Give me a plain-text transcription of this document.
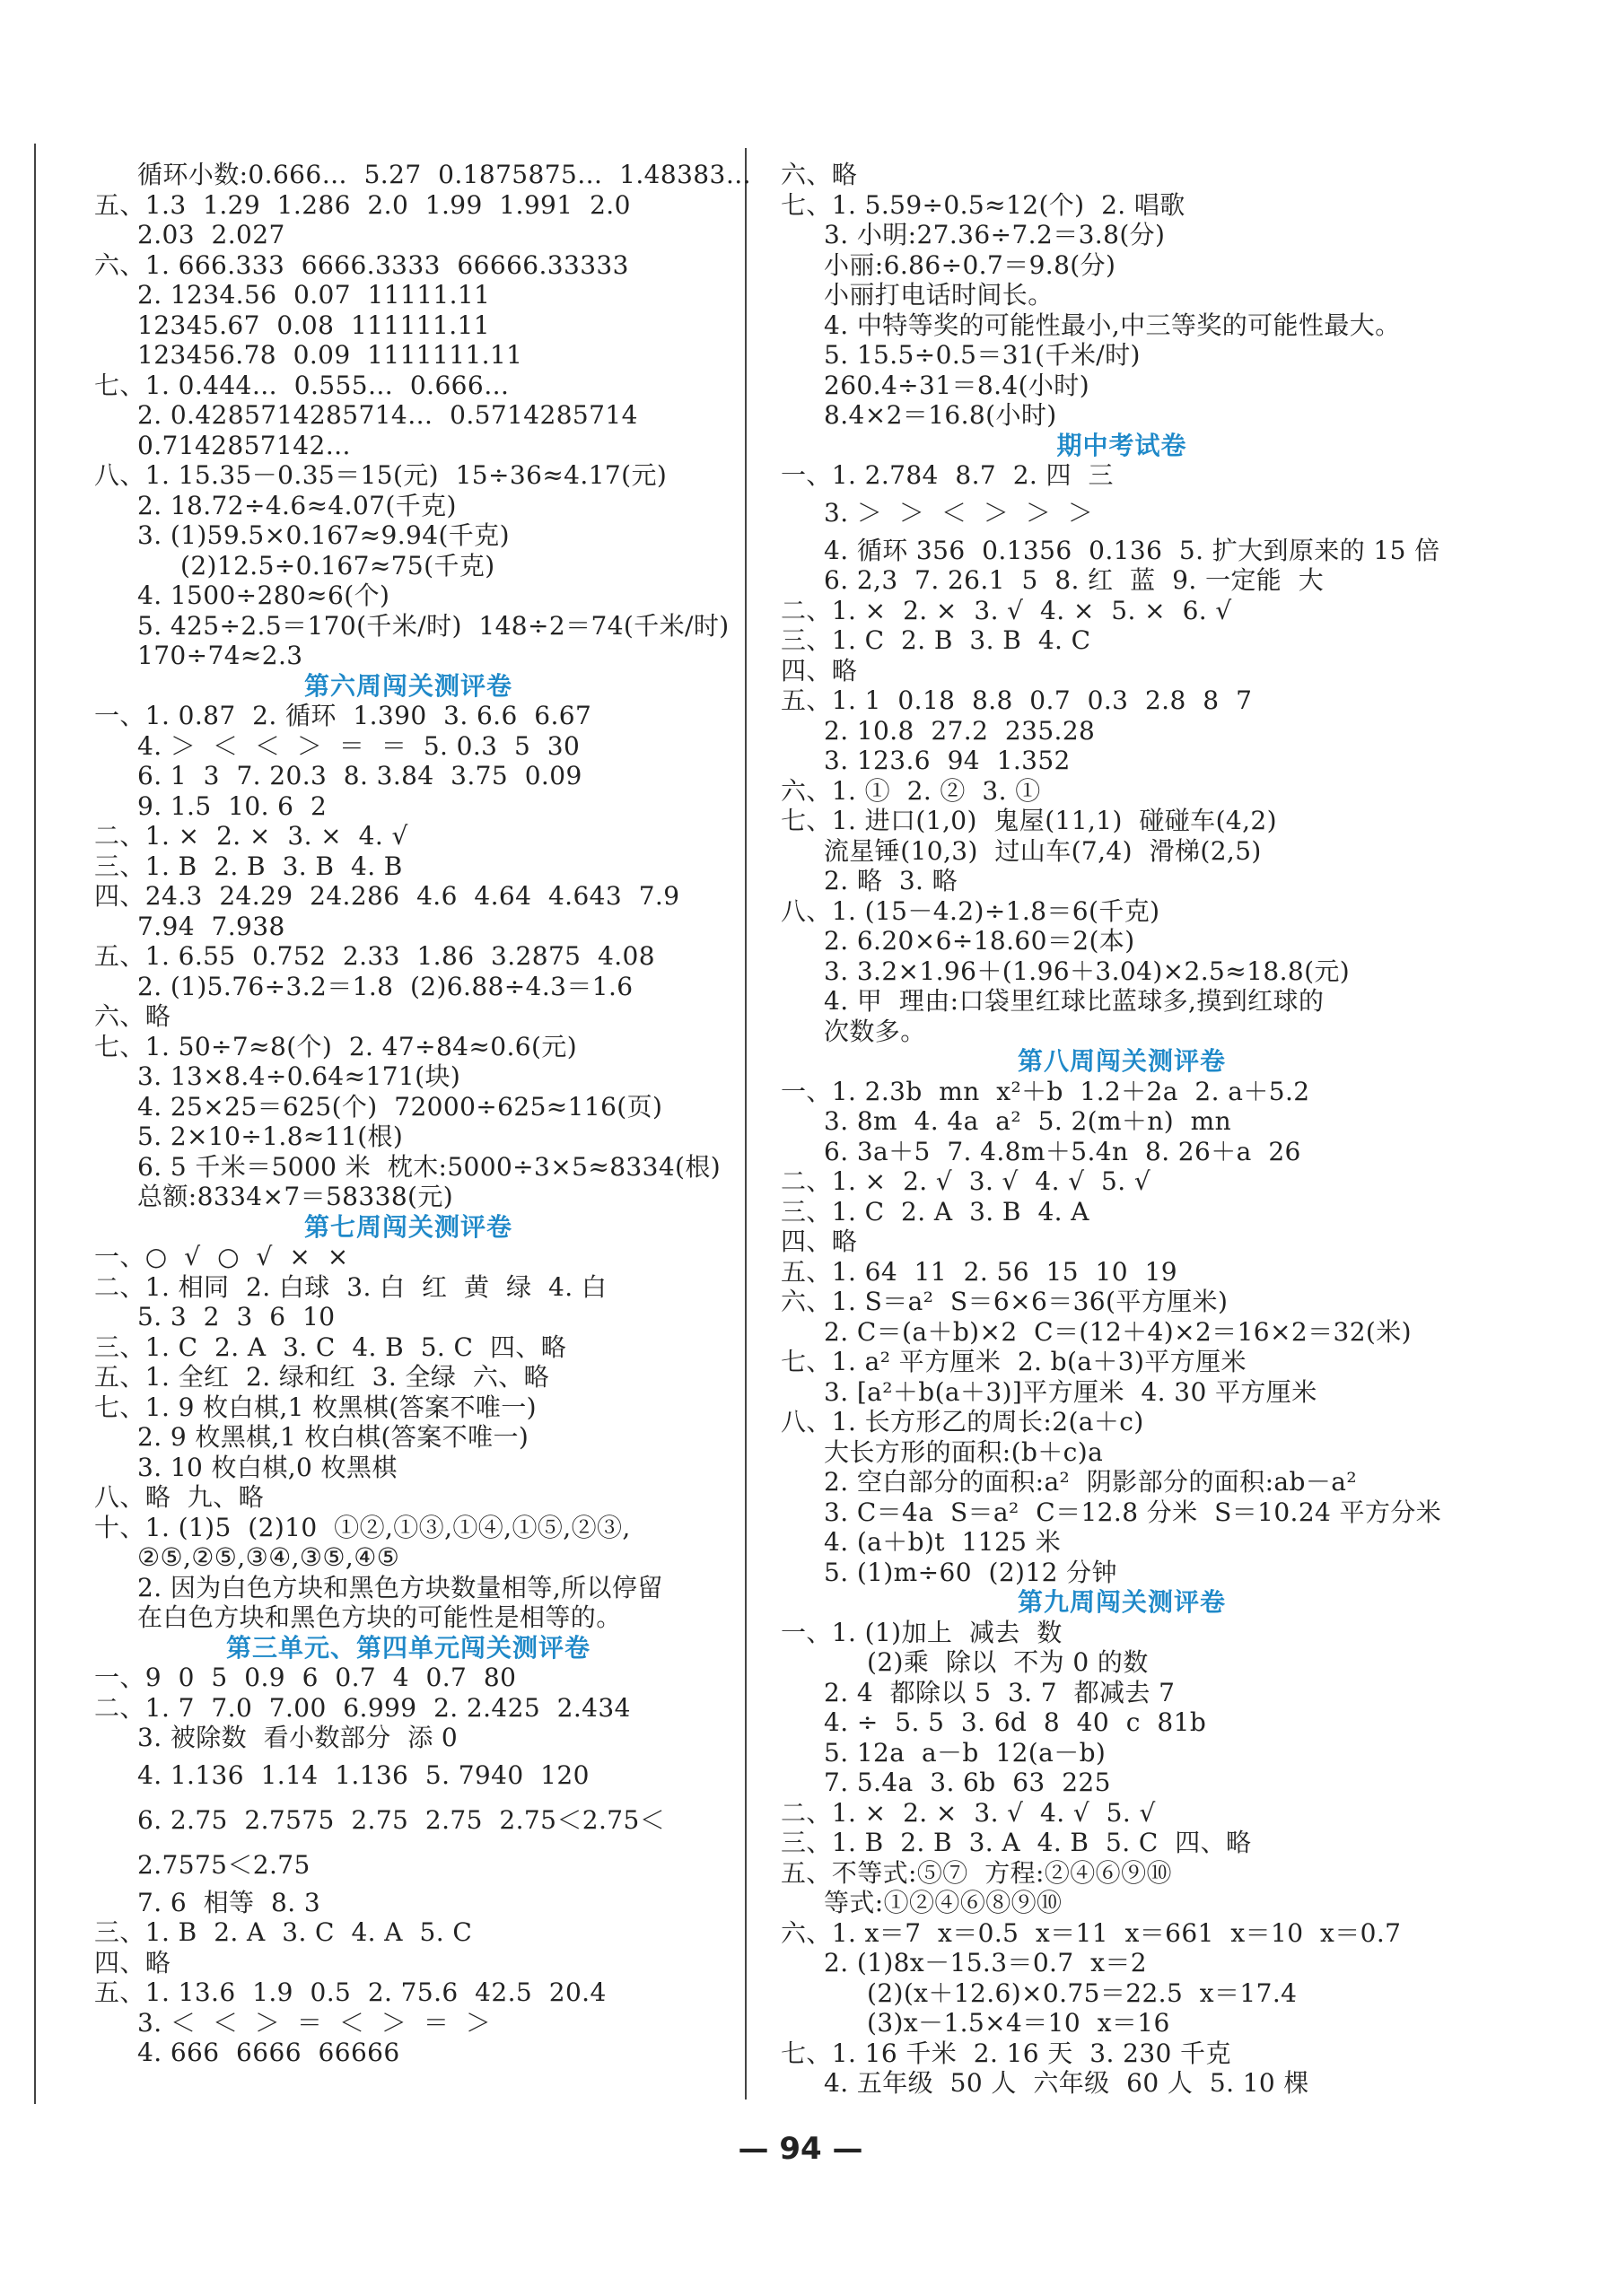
循环小数:0.666…  5.27  0.1875875…  1.48383…
五、1.3  1.29  1.286  2.0  1.99  1.991  2.0
2.03  2.027
六、1. 666.333  6666.3333  66666.33333
2. 1234.56  0.07  11111.11
12345.67  0.08  111111.11
123456.78  0.09  1111111.11
七、1. 0.444…  0.555…  0.666…
2. 0.4285714285714…  0.5714285714
0.7142857142…
八、1. 15.35－0.35＝15(元)  15÷36≈4.17(元)
2. 18.72÷4.6≈4.07(千克)
3. (1)59.5×0.167≈9.94(千克)
(2)12.5÷0.167≈75(千克)
4. 1500÷280≈6(个)
5. 425÷2.5＝170(千米/时)  148÷2＝74(千米/时)
170÷74≈2.3
第六周闯关测评卷
一、1. 0.87  2. 循环  1.390  3. 6.6  6.67
4. ＞  ＜  ＜  ＞  ＝  ＝  5. 0.3  5  30
6. 1  3  7. 20.3  8. 3.84  3.75  0.09
9. 1.5  10. 6  2
二、1. ×  2. ×  3. ×  4. √
三、1. B  2. B  3. B  4. B
四、24.3  24.29  24.286  4.6  4.64  4.643  7.9
7.94  7.938
五、1. 6.55  0.752  2.33  1.86  3.2875  4.08
2. (1)5.76÷3.2＝1.8  (2)6.88÷4.3＝1.6
六、略
七、1. 50÷7≈8(个)  2. 47÷84≈0.6(元)
3. 13×8.4÷0.64≈171(块)
4. 25×25＝625(个)  72000÷625≈116(页)
5. 2×10÷1.8≈11(根)
6. 5 千米＝5000 米  枕木:5000÷3×5≈8334(根)
总额:8334×7＝58338(元)
第七周闯关测评卷
一、○  √  ○  √  ×  ×
二、1. 相同  2. 白球  3. 白  红  黄  绿  4. 白
5. 3  2  3  6  10
三、1. C  2. A  3. C  4. B  5. C  四、略
五、1. 全红  2. 绿和红  3. 全绿  六、略
七、1. 9 枚白棋,1 枚黑棋(答案不唯一)
2. 9 枚黑棋,1 枚白棋(答案不唯一)
3. 10 枚白棋,0 枚黑棋
八、略  九、略
十、1. (1)5  (2)10  ①②,①③,①④,①⑤,②③,
②⑤,②⑤,③④,③⑤,④⑤
2. 因为白色方块和黑色方块数量相等,所以停留
在白色方块和黑色方块的可能性是相等的。
第三单元、第四单元闯关测评卷
一、9  0  5  0.9  6  0.7  4  0.7  80
二、1. 7  7.0  7.00  6.999  2. 2.425  2.434
3. 被除数  看小数部分  添 0
4. 1.136  1.14  1.136  5. 7940  120
6. 2.75  2.7575  2.75  2.75  2.75＜2.75＜
2.7575＜2.75
7. 6  相等  8. 3
三、1. B  2. A  3. C  4. A  5. C
四、略
五、1. 13.6  1.9  0.5  2. 75.6  42.5  20.4
3. ＜  ＜  ＞  ＝  ＜  ＞  ＝  ＞
4. 666  6666  66666
六、略
七、1. 5.59÷0.5≈12(个)  2. 唱歌
3. 小明:27.36÷7.2＝3.8(分)
小丽:6.86÷0.7＝9.8(分)
小丽打电话时间长。
4. 中特等奖的可能性最小,中三等奖的可能性最大。
5. 15.5÷0.5＝31(千米/时)
260.4÷31＝8.4(小时)
8.4×2＝16.8(小时)
期中考试卷
一、1. 2.784  8.7  2. 四  三
3. ＞  ＞  ＜  ＞  ＞  ＞
4. 循环 356  0.1356  0.136  5. 扩大到原来的 15 倍
6. 2,3  7. 26.1  5  8. 红  蓝  9. 一定能  大
二、1. ×  2. ×  3. √  4. ×  5. ×  6. √
三、1. C  2. B  3. B  4. C
四、略
五、1. 1  0.18  8.8  0.7  0.3  2.8  8  7
2. 10.8  27.2  235.28
3. 123.6  94  1.352
六、1. ①  2. ②  3. ①
七、1. 进口(1,0)  鬼屋(11,1)  碰碰车(4,2)
流星锤(10,3)  过山车(7,4)  滑梯(2,5)
2. 略  3. 略
八、1. (15－4.2)÷1.8＝6(千克)
2. 6.20×6÷18.60＝2(本)
3. 3.2×1.96＋(1.96＋3.04)×2.5≈18.8(元)
4. 甲  理由:口袋里红球比蓝球多,摸到红球的
次数多。
第八周闯关测评卷
一、1. 2.3b  mn  x²＋b  1.2＋2a  2. a＋5.2
3. 8m  4. 4a  a²  5. 2(m＋n)  mn
6. 3a＋5  7. 4.8m＋5.4n  8. 26＋a  26
二、1. ×  2. √  3. √  4. √  5. √
三、1. C  2. A  3. B  4. A
四、略
五、1. 64  11  2. 56  15  10  19
六、1. S＝a²  S＝6×6＝36(平方厘米)
2. C＝(a＋b)×2  C＝(12＋4)×2＝16×2＝32(米)
七、1. a² 平方厘米  2. b(a＋3)平方厘米
3. [a²＋b(a＋3)]平方厘米  4. 30 平方厘米
八、1. 长方形乙的周长:2(a＋c)
大长方形的面积:(b＋c)a
2. 空白部分的面积:a²  阴影部分的面积:ab－a²
3. C＝4a  S＝a²  C＝12.8 分米  S＝10.24 平方分米
4. (a＋b)t  1125 米
5. (1)m÷60  (2)12 分钟
第九周闯关测评卷
一、1. (1)加上  减去  数
(2)乘  除以  不为 0 的数
2. 4  都除以 5  3. 7  都减去 7
4. ÷  5. 5  3. 6d  8  40  c  81b
5. 12a  a－b  12(a－b)
7. 5.4a  3. 6b  63  225
二、1. ×  2. ×  3. √  4. √  5. √
三、1. B  2. B  3. A  4. B  5. C  四、略
五、不等式:⑤⑦  方程:②④⑥⑨⑩
等式:①②④⑥⑧⑨⑩
六、1. x＝7  x＝0.5  x＝11  x＝661  x＝10  x＝0.7
2. (1)8x－15.3＝0.7  x＝2
(2)(x＋12.6)×0.75＝22.5  x＝17.4
(3)x－1.5×4＝10  x＝16
七、1. 16 千米  2. 16 天  3. 230 千克
4. 五年级  50 人  六年级  60 人  5. 10 棵
— 94 —
